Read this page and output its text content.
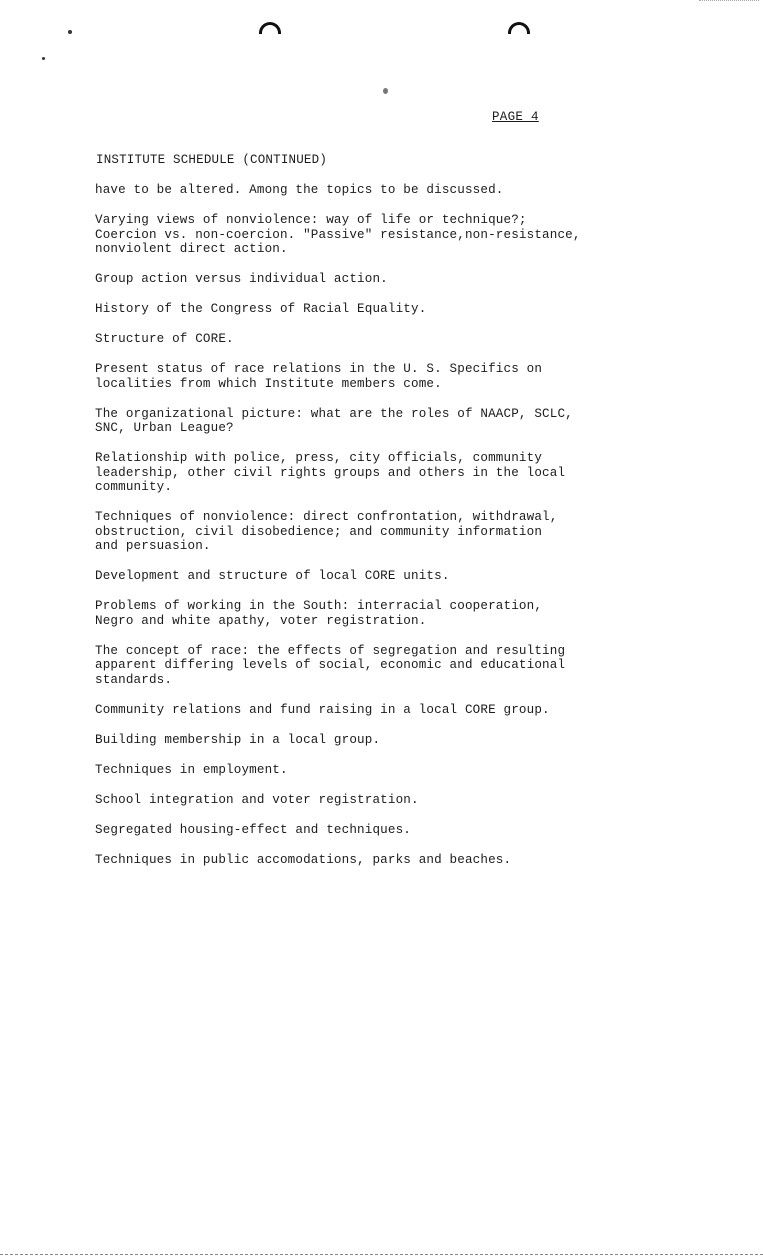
PAGE 4
INSTITUTE SCHEDULE (CONTINUED)

have to be altered. Among the topics to be discussed.

Varying views of nonviolence: way of life or technique?;
Coercion vs. non-coercion. "Passive" resistance,non-resistance,
nonviolent direct action.

Group action versus individual action.

History of the Congress of Racial Equality.

Structure of CORE.

Present status of race relations in the U. S. Specifics on
localities from which Institute members come.

The organizational picture: what are the roles of NAACP, SCLC,
SNC, Urban League?

Relationship with police, press, city officials, community
leadership, other civil rights groups and others in the local
community.

Techniques of nonviolence: direct confrontation, withdrawal,
obstruction, civil disobedience; and community information
and persuasion.

Development and structure of local CORE units.

Problems of working in the South: interracial cooperation,
Negro and white apathy, voter registration.

The concept of race: the effects of segregation and resulting
apparent differing levels of social, economic and educational
standards.

Community relations and fund raising in a local CORE group.

Building membership in a local group.

Techniques in employment.

School integration and voter registration.

Segregated housing-effect and techniques.

Techniques in public accomodations, parks and beaches.
